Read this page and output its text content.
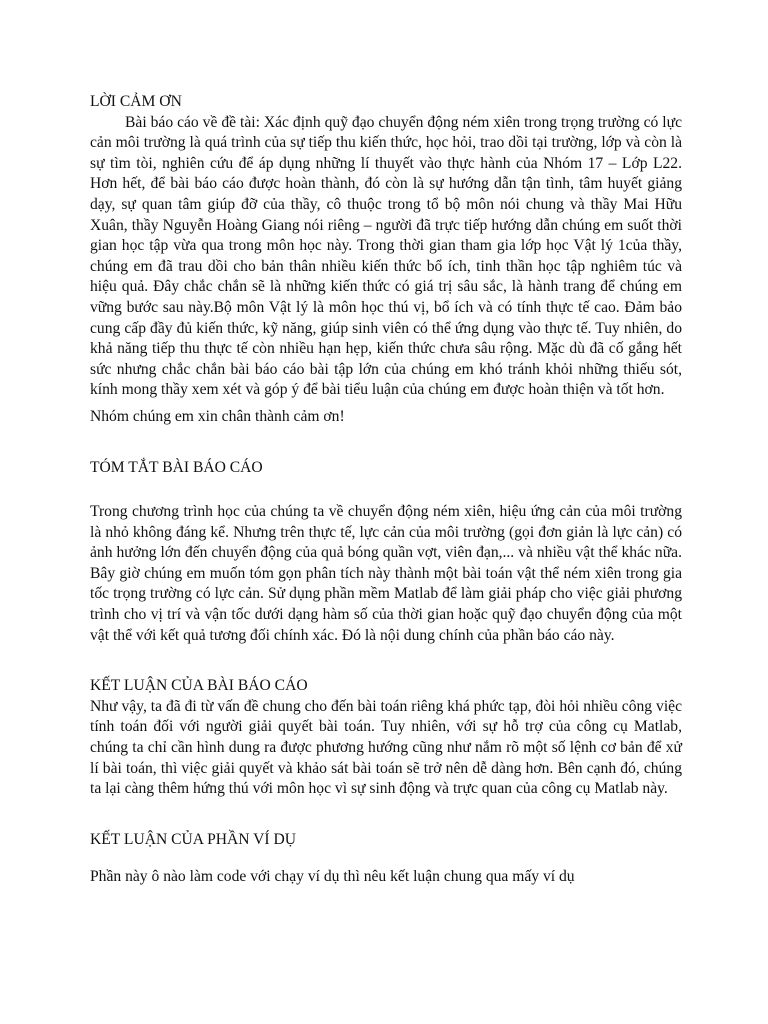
LỜI CẢM ƠN

Bài báo cáo về đề tài: Xác định quỹ đạo chuyển động ném xiên trong trọng trường có lực cản môi trường là quá trình của sự tiếp thu kiến thức, học hỏi, trao dồi tại trường, lớp và còn là sự tìm tòi, nghiên cứu để áp dụng những lí thuyết vào thực hành của Nhóm 17 – Lớp L22. Hơn hết, để bài báo cáo được hoàn thành, đó còn là sự hướng dẫn tận tình, tâm huyết giảng dạy, sự quan tâm giúp đỡ của thầy, cô thuộc trong tổ bộ môn nói chung và thầy Mai Hữu Xuân, thầy Nguyễn Hoàng Giang nói riêng – người đã trực tiếp hướng dẫn chúng em suốt thời gian học tập vừa qua trong môn học này. Trong thời gian tham gia lớp học Vật lý 1của thầy, chúng em đã trau dồi cho bản thân nhiều kiến thức bổ ích, tinh thần học tập nghiêm túc và hiệu quả. Đây chắc chắn sẽ là những kiến thức có giá trị sâu sắc, là hành trang để chúng em vững bước sau này.Bộ môn Vật lý là môn học thú vị, bổ ích và có tính thực tế cao. Đảm bảo cung cấp đầy đủ kiến thức, kỹ năng, giúp sinh viên có thể ứng dụng vào thực tế. Tuy nhiên, do khả năng tiếp thu thực tế còn nhiều hạn hẹp, kiến thức chưa sâu rộng. Mặc dù đã cố gắng hết sức nhưng chắc chắn bài báo cáo bài tập lớn của chúng em khó tránh khỏi những thiếu sót, kính mong thầy xem xét và góp ý để bài tiểu luận của chúng em được hoàn thiện và tốt hơn.

Nhóm chúng em xin chân thành cảm ơn!

TÓM TẮT BÀI BÁO CÁO

Trong chương trình học của chúng ta về chuyển động ném xiên, hiệu ứng cản của môi trường là nhỏ không đáng kể. Nhưng trên thực tế, lực cản của môi trường (gọi đơn giản là lực cản) có ảnh hưởng lớn đến chuyển động của quả bóng quần vợt, viên đạn,... và nhiều vật thể khác nữa. Bây giờ chúng em muốn tóm gọn phân tích này thành một bài toán vật thể ném xiên trong gia tốc trọng trường có lực cản. Sử dụng phần mềm Matlab để làm giải pháp cho việc giải phương trình cho vị trí và vận tốc dưới dạng hàm số của thời gian hoặc quỹ đạo chuyển động của một vật thể với kết quả tương đối chính xác. Đó là nội dung chính của phần báo cáo này.

KẾT LUẬN CỦA BÀI BÁO CÁO

Như vậy, ta đã đi từ vấn đề chung cho đến bài toán riêng khá phức tạp, đòi hỏi nhiều công việc tính toán đối với người giải quyết bài toán. Tuy nhiên, với sự hỗ trợ của công cụ Matlab, chúng ta chỉ cần hình dung ra được phương hướng cũng như nắm rõ một số lệnh cơ bản để xử lí bài toán, thì việc giải quyết và khảo sát bài toán sẽ trở nên dễ dàng hơn. Bên cạnh đó, chúng ta lại càng thêm hứng thú với môn học vì sự sinh động và trực quan của công cụ Matlab này.

KẾT LUẬN CỦA PHẦN VÍ DỤ

Phần này ô nào làm code với chạy ví dụ thì nêu kết luận chung qua mấy ví dụ
